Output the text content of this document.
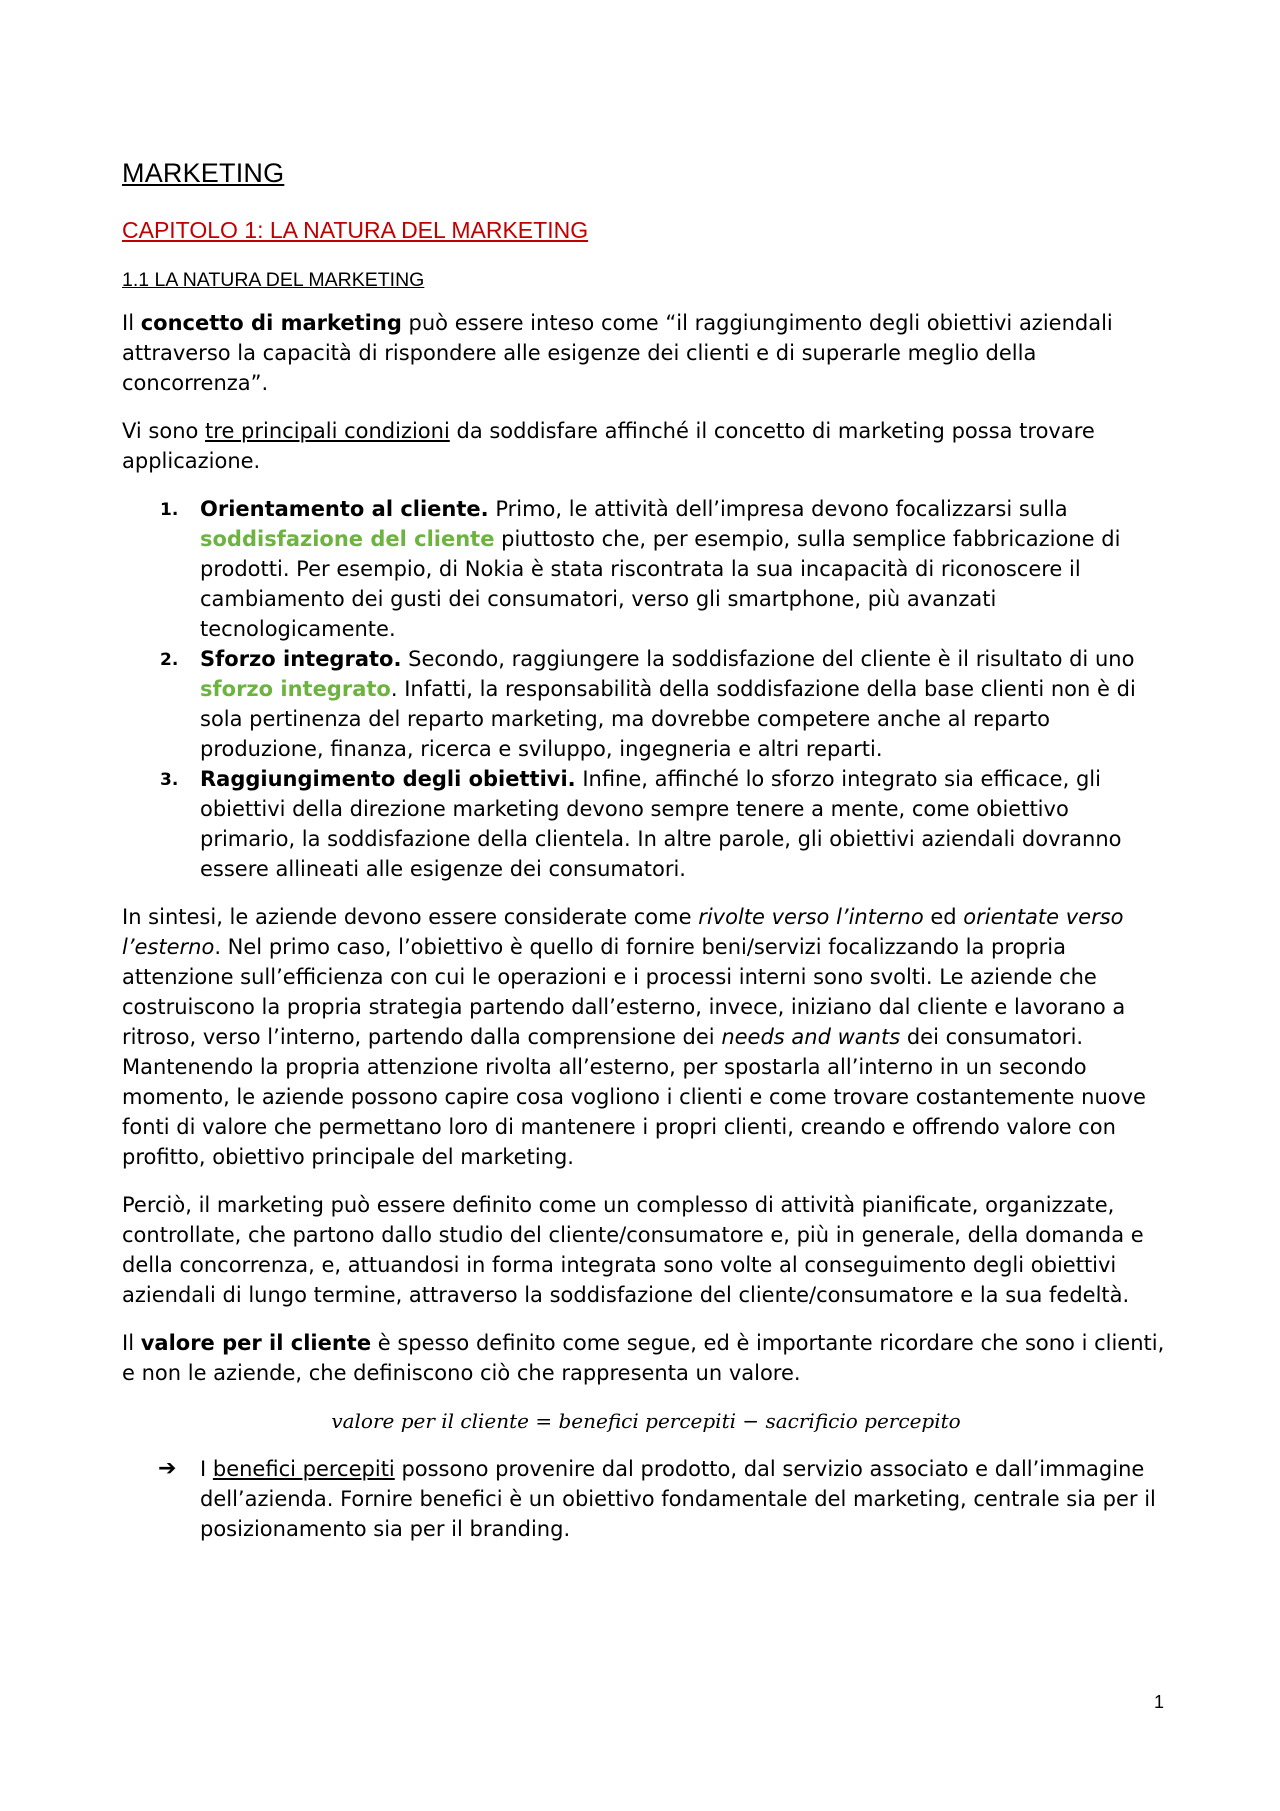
MARKETING
CAPITOLO 1: LA NATURA DEL MARKETING
1.1 LA NATURA DEL MARKETING

Il concetto di marketing può essere inteso come “il raggiungimento degli obiettivi aziendali attraverso la capacità di rispondere alle esigenze dei clienti e di superarle meglio della concorrenza”.

Vi sono tre principali condizioni da soddisfare affinché il concetto di marketing possa trovare applicazione.

1. Orientamento al cliente. Primo, le attività dell’impresa devono focalizzarsi sulla soddisfazione del cliente piuttosto che, per esempio, sulla semplice fabbricazione di prodotti. Per esempio, di Nokia è stata riscontrata la sua incapacità di riconoscere il cambiamento dei gusti dei consumatori, verso gli smartphone, più avanzati tecnologicamente.
2. Sforzo integrato. Secondo, raggiungere la soddisfazione del cliente è il risultato di uno sforzo integrato. Infatti, la responsabilità della soddisfazione della base clienti non è di sola pertinenza del reparto marketing, ma dovrebbe competere anche al reparto produzione, finanza, ricerca e sviluppo, ingegneria e altri reparti.
3. Raggiungimento degli obiettivi. Infine, affinché lo sforzo integrato sia efficace, gli obiettivi della direzione marketing devono sempre tenere a mente, come obiettivo primario, la soddisfazione della clientela. In altre parole, gli obiettivi aziendali dovranno essere allineati alle esigenze dei consumatori.

In sintesi, le aziende devono essere considerate come rivolte verso l’interno ed orientate verso l’esterno. Nel primo caso, l’obiettivo è quello di fornire beni/servizi focalizzando la propria attenzione sull’efficienza con cui le operazioni e i processi interni sono svolti. Le aziende che costruiscono la propria strategia partendo dall’esterno, invece, iniziano dal cliente e lavorano a ritroso, verso l’interno, partendo dalla comprensione dei needs and wants dei consumatori. Mantenendo la propria attenzione rivolta all’esterno, per spostarla all’interno in un secondo momento, le aziende possono capire cosa vogliono i clienti e come trovare costantemente nuove fonti di valore che permettano loro di mantenere i propri clienti, creando e offrendo valore con profitto, obiettivo principale del marketing.

Perciò, il marketing può essere definito come un complesso di attività pianificate, organizzate, controllate, che partono dallo studio del cliente/consumatore e, più in generale, della domanda e della concorrenza, e, attuandosi in forma integrata sono volte al conseguimento degli obiettivi aziendali di lungo termine, attraverso la soddisfazione del cliente/consumatore e la sua fedeltà.

Il valore per il cliente è spesso definito come segue, ed è importante ricordare che sono i clienti, e non le aziende, che definiscono ciò che rappresenta un valore.

valore per il cliente = benefici percepiti − sacrificio percepito
➔ I benefici percepiti possono provenire dal prodotto, dal servizio associato e dall’immagine dell’azienda. Fornire benefici è un obiettivo fondamentale del marketing, centrale sia per il posizionamento sia per il branding.
1
